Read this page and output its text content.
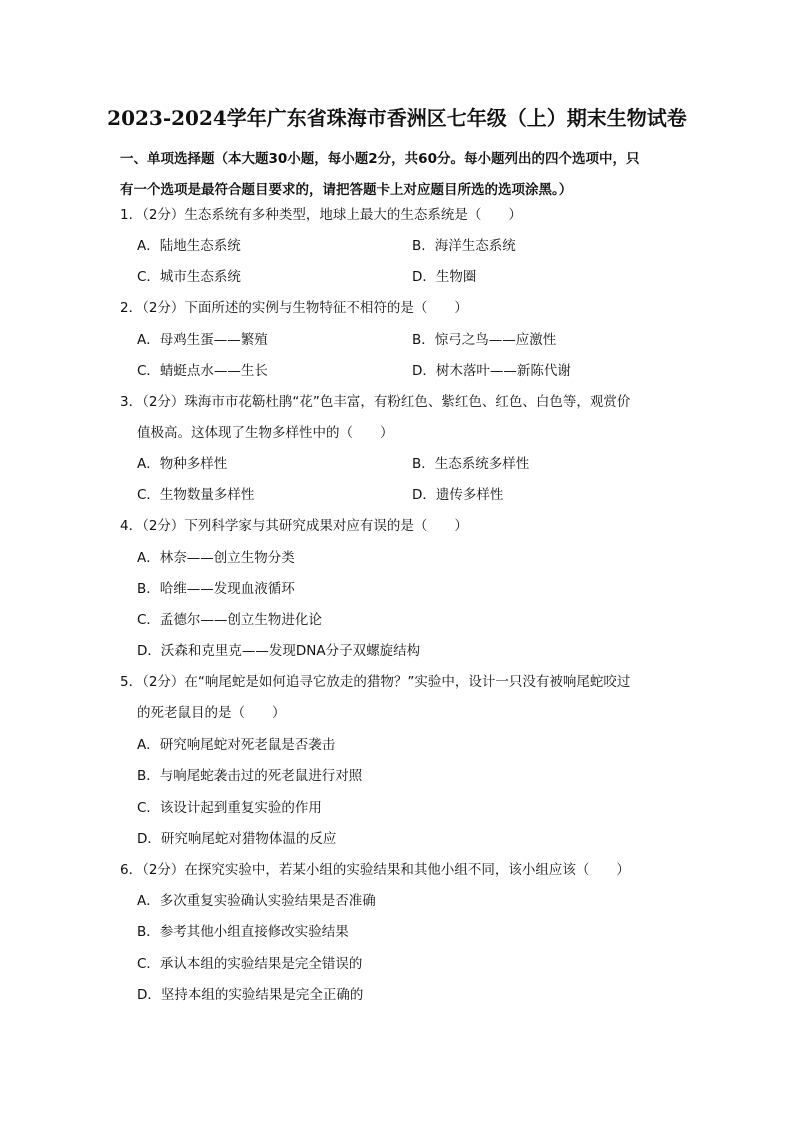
2023-2024学年广东省珠海市香洲区七年级（上）期末生物试卷
一、单项选择题（本大题30小题，每小题2分，共60分。每小题列出的四个选项中，只
有一个选项是最符合题目要求的，请把答题卡上对应题目所选的选项涂黑。）
1．（2分）生态系统有多种类型，地球上最大的生态系统是（　　）
A．陆地生态系统	B．海洋生态系统
C．城市生态系统	D．生物圈
2．（2分）下面所述的实例与生物特征不相符的是（　　）
A．母鸡生蛋——繁殖	B．惊弓之鸟——应激性
C．蜻蜓点水——生长	D．树木落叶——新陈代谢
3．（2分）珠海市市花簕杜鹃“花”色丰富，有粉红色、紫红色、红色、白色等，观赏价
值极高。这体现了生物多样性中的（　　）
A．物种多样性	B．生态系统多样性
C．生物数量多样性	D．遗传多样性
4．（2分）下列科学家与其研究成果对应有误的是（　　）
A．林奈——创立生物分类
B．哈维——发现血液循环
C．孟德尔——创立生物进化论
D．沃森和克里克——发现DNA分子双螺旋结构
5．（2分）在“响尾蛇是如何追寻它放走的猎物？”实验中，设计一只没有被响尾蛇咬过
的死老鼠目的是（　　）
A．研究响尾蛇对死老鼠是否袭击
B．与响尾蛇袭击过的死老鼠进行对照
C．该设计起到重复实验的作用
D．研究响尾蛇对猎物体温的反应
6．（2分）在探究实验中，若某小组的实验结果和其他小组不同，该小组应该（　　）
A．多次重复实验确认实验结果是否准确
B．参考其他小组直接修改实验结果
C．承认本组的实验结果是完全错误的
D．坚持本组的实验结果是完全正确的
